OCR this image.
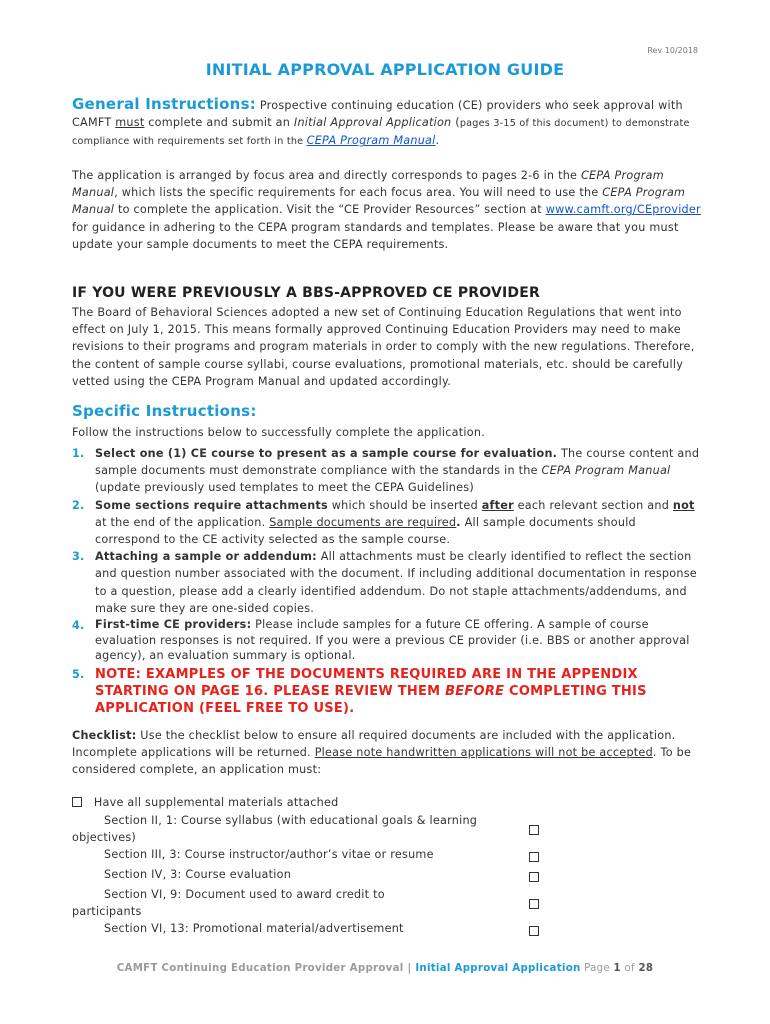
Rev 10/2018
INITIAL APPROVAL APPLICATION GUIDE
General Instructions: Prospective continuing education (CE) providers who seek approval with CAMFT must complete and submit an Initial Approval Application (pages 3-15 of this document) to demonstrate compliance with requirements set forth in the CEPA Program Manual.
The application is arranged by focus area and directly corresponds to pages 2-6 in the CEPA Program Manual, which lists the specific requirements for each focus area. You will need to use the CEPA Program Manual to complete the application. Visit the “CE Provider Resources” section at www.camft.org/CEprovider for guidance in adhering to the CEPA program standards and templates. Please be aware that you must update your sample documents to meet the CEPA requirements.
IF YOU WERE PREVIOUSLY A BBS-APPROVED CE PROVIDER
The Board of Behavioral Sciences adopted a new set of Continuing Education Regulations that went into effect on July 1, 2015. This means formally approved Continuing Education Providers may need to make revisions to their programs and program materials in order to comply with the new regulations. Therefore, the content of sample course syllabi, course evaluations, promotional materials, etc. should be carefully vetted using the CEPA Program Manual and updated accordingly.
Specific Instructions:
Follow the instructions below to successfully complete the application.
1. Select one (1) CE course to present as a sample course for evaluation. The course content and sample documents must demonstrate compliance with the standards in the CEPA Program Manual (update previously used templates to meet the CEPA Guidelines)
2. Some sections require attachments which should be inserted after each relevant section and not at the end of the application. Sample documents are required. All sample documents should correspond to the CE activity selected as the sample course.
3. Attaching a sample or addendum: All attachments must be clearly identified to reflect the section and question number associated with the document. If including additional documentation in response to a question, please add a clearly identified addendum. Do not staple attachments/addendums, and make sure they are one-sided copies.
4. First-time CE providers: Please include samples for a future CE offering. A sample of course evaluation responses is not required. If you were a previous CE provider (i.e. BBS or another approval agency), an evaluation summary is optional.
5. NOTE: EXAMPLES OF THE DOCUMENTS REQUIRED ARE IN THE APPENDIX STARTING ON PAGE 16. PLEASE REVIEW THEM BEFORE COMPLETING THIS APPLICATION (FEEL FREE TO USE).
Checklist: Use the checklist below to ensure all required documents are included with the application. Incomplete applications will be returned. Please note handwritten applications will not be accepted. To be considered complete, an application must:
Have all supplemental materials attached
Section II, 1: Course syllabus (with educational goals & learning objectives)
Section III, 3: Course instructor/author’s vitae or resume
Section IV, 3: Course evaluation
Section VI, 9: Document used to award credit to participants
Section VI, 13: Promotional material/advertisement
CAMFT Continuing Education Provider Approval | Initial Approval Application Page 1 of 28
